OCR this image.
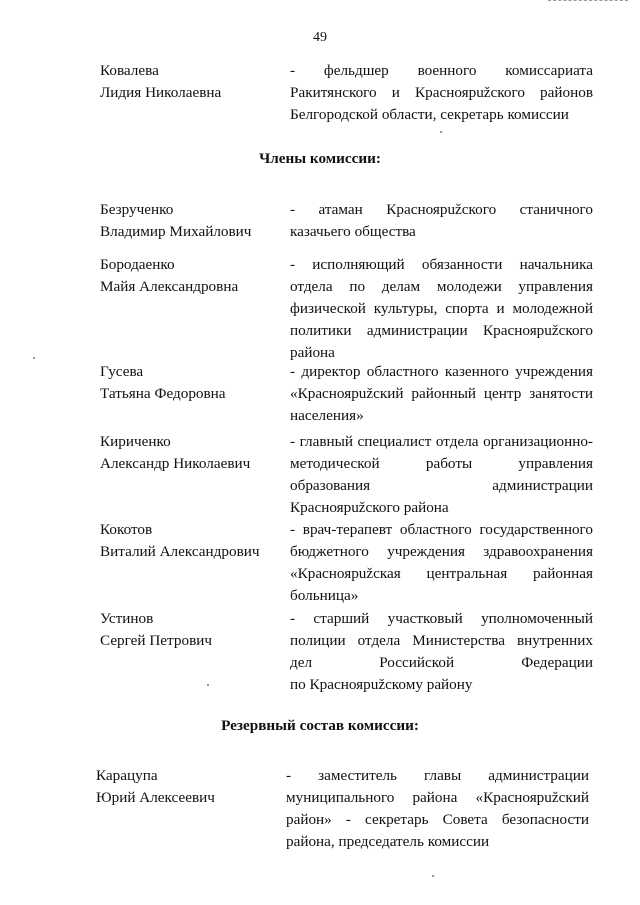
49
Ковалева
Лидия Николаевна
- фельдшер военного комиссариата
Ракитянского и Красноярužского районов
Белгородской области, секретарь комиссии
Члены комиссии:
Безрученко
Владимир Михайлович
- атаман Красноярužского станичного
казачьего общества
Бородаенко
Майя Александровна
- исполняющий обязанности начальника
отдела по делам молодежи управления
физической культуры, спорта и молодежной
политики администрации Красноярužского
района
Гусева
Татьяна Федоровна
- директор областного казенного учреждения
«Красноярužский районный центр занятости
населения»
Кириченко
Александр Николаевич
- главный специалист отдела организационно-
методической работы управления
образования администрации
Красноярužского района
Кокотов
Виталий Александрович
- врач-терапевт областного государственного
бюджетного учреждения здравоохранения
«Красноярužская центральная районная
больница»
Устинов
Сергей Петрович
- старший участковый уполномоченный
полиции отдела Министерства внутренних
дел Российской Федерации
по Красноярužскому району
Резервный состав комиссии:
Карацупа
Юрий Алексеевич
- заместитель главы администрации
муниципального района «Красноярužский
район» - секретарь Совета безопасности
района, председатель комиссии
